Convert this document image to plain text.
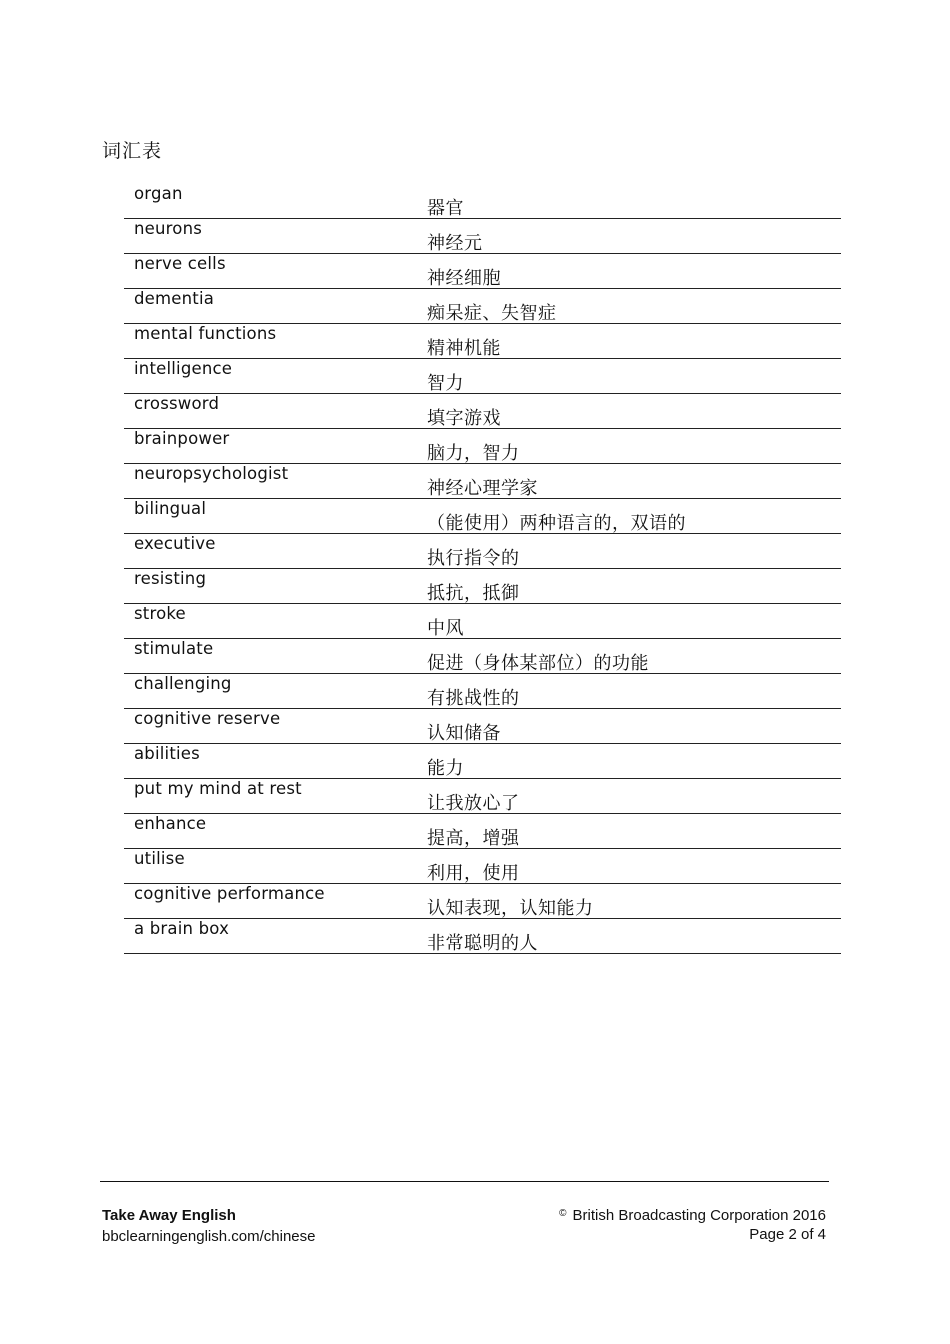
词汇表
organ
器官
neurons
神经元
nerve cells
神经细胞
dementia
痴呆症、失智症
mental functions
精神机能
intelligence
智力
crossword
填字游戏
brainpower
脑力，智力
neuropsychologist
神经心理学家
bilingual
（能使用）两种语言的，双语的
executive
执行指令的
resisting
抵抗，抵御
stroke
中风
stimulate
促进（身体某部位）的功能
challenging
有挑战性的
cognitive reserve
认知储备
abilities
能力
put my mind at rest
让我放心了
enhance
提高，增强
utilise
利用，使用
cognitive performance
认知表现，认知能力
a brain box
非常聪明的人
Take Away English
bbclearningenglish.com/chinese
© British Broadcasting Corporation 2016
Page 2 of 4
